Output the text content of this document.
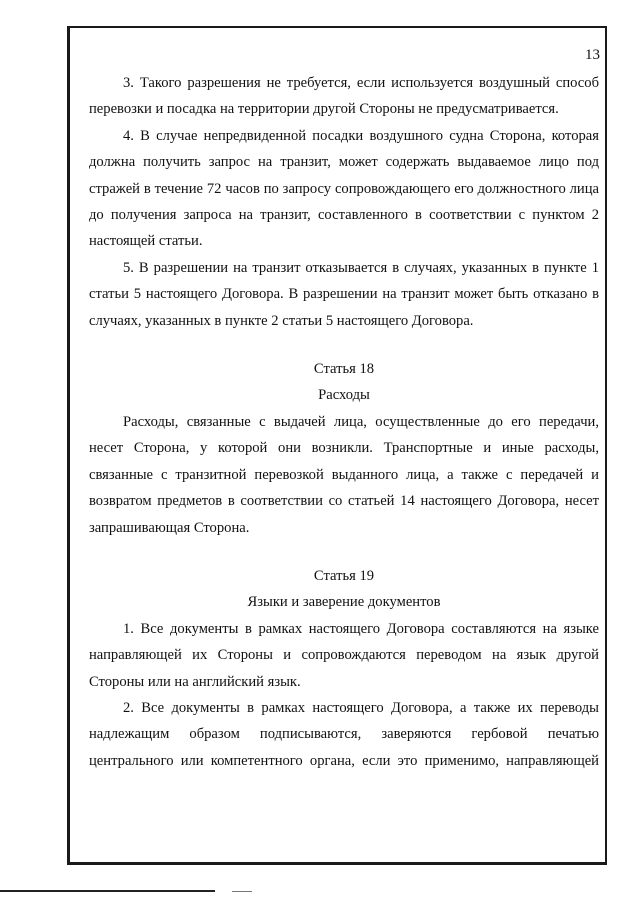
13

3. Такого разрешения не требуется, если используется воздушный способ перевозки и посадка на территории другой Стороны не предусматривается.

4. В случае непредвиденной посадки воздушного судна Сторона, которая должна получить запрос на транзит, может содержать выдаваемое лицо под стражей в течение 72 часов по запросу сопровождающего его должностного лица до получения запроса на транзит, составленного в соответствии с пунктом 2 настоящей статьи.

5. В разрешении на транзит отказывается в случаях, указанных в пункте 1 статьи 5 настоящего Договора. В разрешении на транзит может быть отказано в случаях, указанных в пункте 2 статьи 5 настоящего Договора.

Статья 18

Расходы

Расходы, связанные с выдачей лица, осуществленные до его передачи, несет Сторона, у которой они возникли. Транспортные и иные расходы, связанные с транзитной перевозкой выданного лица, а также с передачей и возвратом предметов в соответствии со статьей 14 настоящего Договора, несет запрашивающая Сторона.

Статья 19

Языки и заверение документов

1. Все документы в рамках настоящего Договора составляются на языке направляющей их Стороны и сопровождаются переводом на язык другой Стороны или на английский язык.

2. Все документы в рамках настоящего Договора, а также их переводы надлежащим образом подписываются, заверяются гербовой печатью центрального или компетентного органа, если это применимо, направляющей
